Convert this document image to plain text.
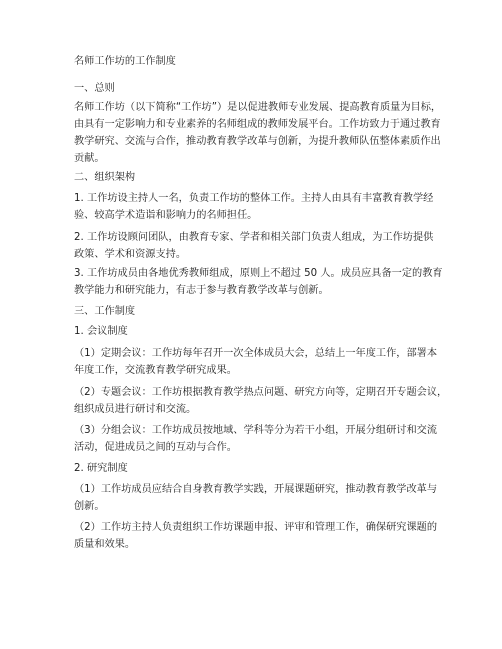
名师工作坊的工作制度
一、总则
名师工作坊（以下简称“工作坊”）是以促进教师专业发展、提高教育质量为目标，
由具有一定影响力和专业素养的名师组成的教师发展平台。工作坊致力于通过教育
教学研究、交流与合作，推动教育教学改革与创新，为提升教师队伍整体素质作出
贡献。
二、组织架构
1. 工作坊设主持人一名，负责工作坊的整体工作。主持人由具有丰富教育教学经
验、较高学术造诣和影响力的名师担任。
2. 工作坊设顾问团队，由教育专家、学者和相关部门负责人组成，为工作坊提供
政策、学术和资源支持。
3. 工作坊成员由各地优秀教师组成，原则上不超过 50 人。成员应具备一定的教育
教学能力和研究能力，有志于参与教育教学改革与创新。
三、工作制度
1. 会议制度
（1）定期会议：工作坊每年召开一次全体成员大会，总结上一年度工作，部署本
年度工作，交流教育教学研究成果。
（2）专题会议：工作坊根据教育教学热点问题、研究方向等，定期召开专题会议，
组织成员进行研讨和交流。
（3）分组会议：工作坊成员按地域、学科等分为若干小组，开展分组研讨和交流
活动，促进成员之间的互动与合作。
2. 研究制度
（1）工作坊成员应结合自身教育教学实践，开展课题研究，推动教育教学改革与
创新。
（2）工作坊主持人负责组织工作坊课题申报、评审和管理工作，确保研究课题的
质量和效果。
